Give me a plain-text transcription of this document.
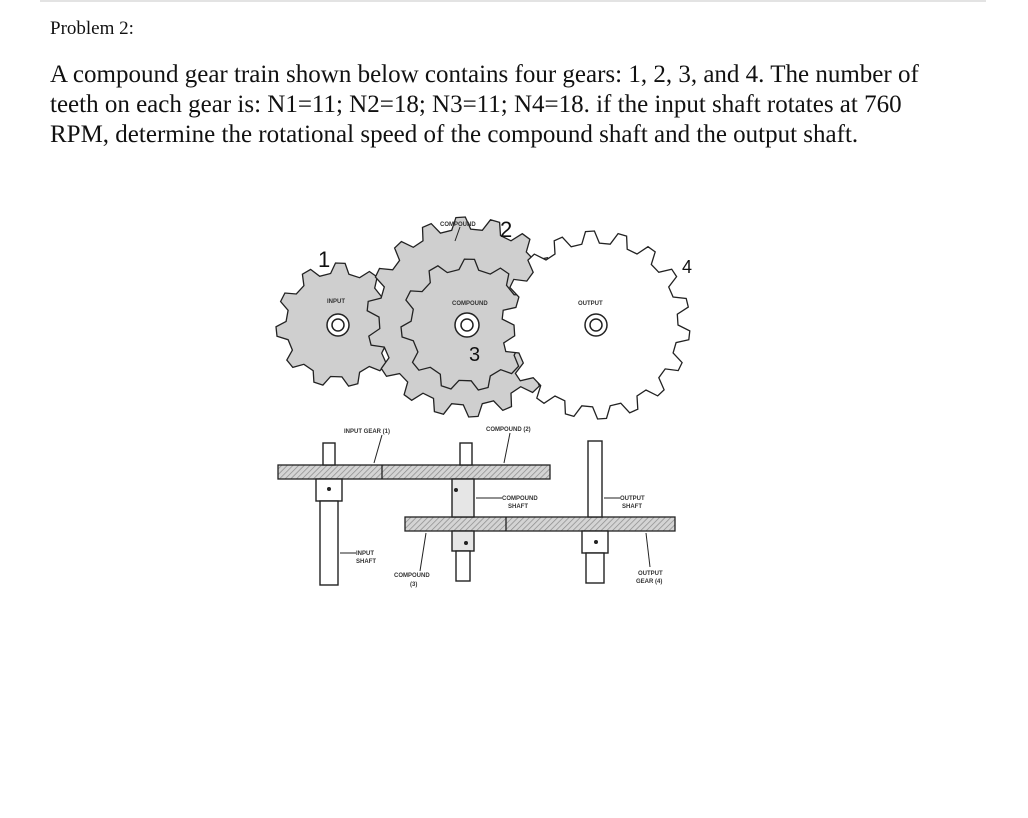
Problem 2:

A compound gear train shown below contains four gears: 1, 2, 3, and 4. The number of
teeth on each gear is: N1=11; N2=18; N3=11; N4=18. if the input shaft rotates at 760
RPM, determine the rotational speed of the compound shaft and the output shaft.

1
2
3
4
COMPOUND
INPUT	COMPOUND	OUTPUT
INPUT GEAR (1)	COMPOUND (2)
COMPOUND
SHAFT
OUTPUT
SHAFT
INPUT
SHAFT
COMPOUND
(3)
OUTPUT
GEAR (4)
